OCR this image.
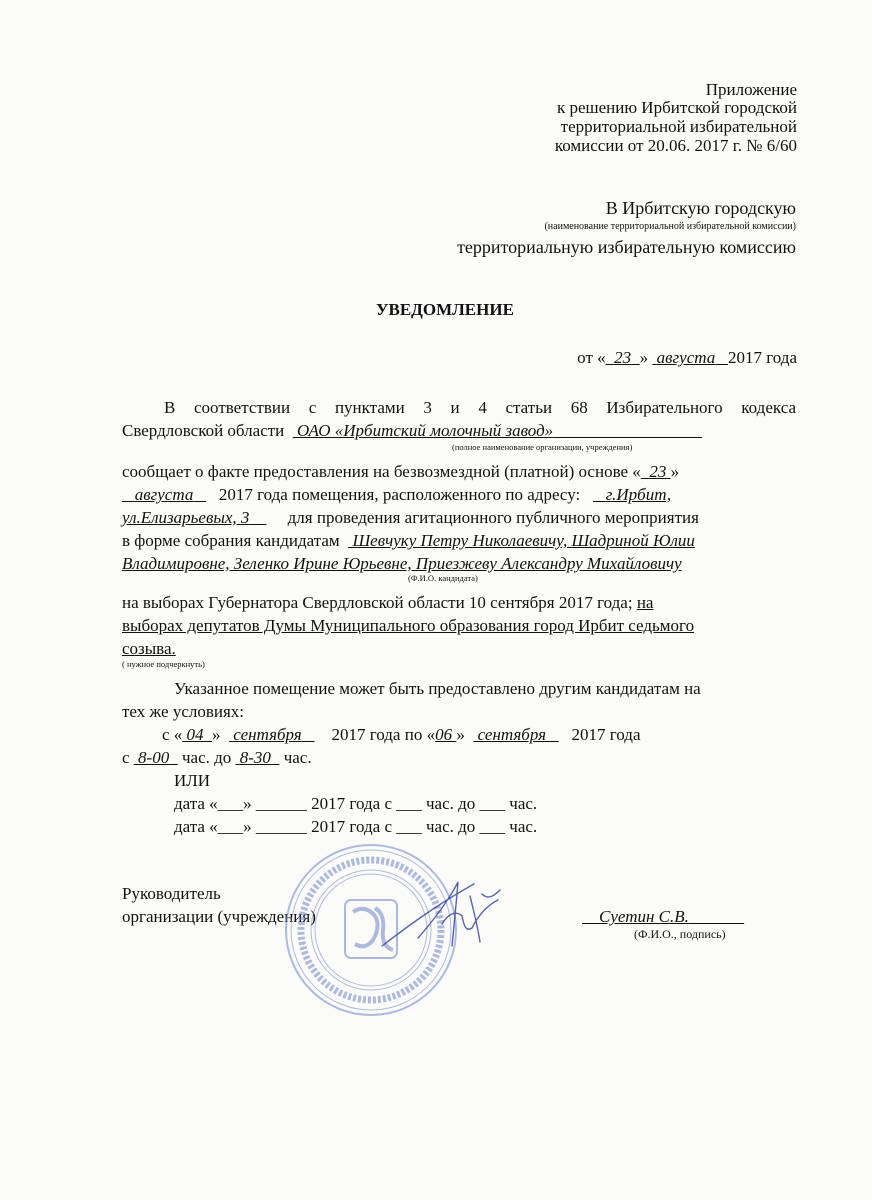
Приложение
к решению Ирбитской городской
территориальной избирательной
комиссии от 20.06. 2017 г. № 6/60
В Ирбитскую городскую
(наименование территориальной избирательной комиссии)
территориальную избирательную комиссию
УВЕДОМЛЕНИЕ
от « 23 » августа 2017 года
В соответствии с пунктами 3 и 4 статьи 68 Избирательного кодекса
Свердловской области ОАО «Ирбитский молочный завод»
(полное наименование организации, учреждения)
сообщает о факте предоставления на безвозмездной (платной) основе « 23 »
августа 2017 года помещения, расположенного по адресу: г.Ирбит,
ул.Елизарьевых, 3 для проведения агитационного публичного мероприятия
в форме собрания кандидатам Шевчуку Петру Николаевичу, Шадриной Юлии
Владимировне, Зеленко Ирине Юрьевне, Приезжеву Александру Михайловичу
(Ф.И.О. кандидата)
на выборах Губернатора Свердловской области 10 сентября 2017 года; на
выборах депутатов Думы Муниципального образования город Ирбит седьмого
созыва.
( нужное подчеркнуть)
Указанное помещение может быть предоставлено другим кандидатам на
тех же условиях:
с « 04 » сентября 2017 года по «06 » сентября 2017 года
с 8-00 час. до 8-30 час.
ИЛИ
дата «___» ______ 2017 года с ___ час. до ___ час.
дата «___» ______ 2017 года с ___ час. до ___ час.
Руководитель
организации (учреждения)	Суетин С.В.
(Ф.И.О., подпись)
